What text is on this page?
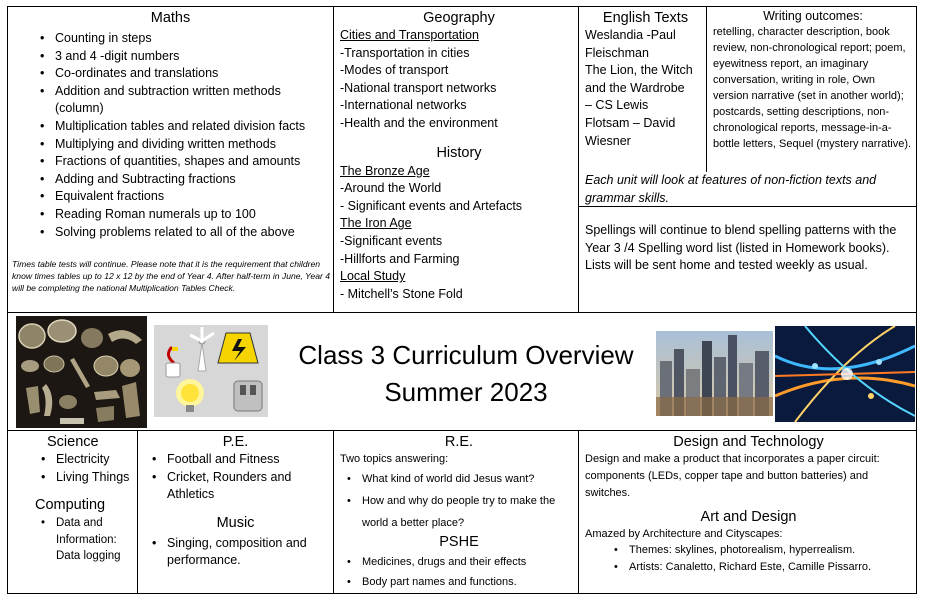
Maths
• Counting in steps
• 3 and 4 -digit numbers
• Co-ordinates and translations
• Addition and subtraction written methods (column)
• Multiplication tables and related division facts
• Multiplying and dividing written methods
• Fractions of quantities, shapes and amounts
• Adding and Subtracting fractions
• Equivalent fractions
• Reading Roman numerals up to 100
• Solving problems related to all of the above
Times table tests will continue. Please note that it is the requirement that children know times tables up to 12 x 12 by the end of Year 4. After half-term in June, Year 4 will be completing the national Multiplication Tables Check.
Geography
Cities and Transportation
-Transportation in cities
-Modes of transport
-National transport networks
-International networks
-Health and the environment
History
The Bronze Age
-Around the World
- Significant events and Artefacts
The Iron Age
-Significant events
-Hillforts and Farming
Local Study
- Mitchell’s Stone Fold
English Texts
Weslandia -Paul
Fleischman
The Lion, the Witch
and the Wardrobe
– CS Lewis
Flotsam – David
Wiesner
Writing outcomes:
retelling, character description, book review, non-chronological report; poem, eyewitness report, an imaginary conversation, writing in role, Own version narrative (set in another world); postcards, setting descriptions, non-chronological reports, message-in-a-bottle letters, Sequel (mystery narrative).
Each unit will look at features of non-fiction texts and grammar skills.
Spellings will continue to blend spelling patterns with the Year 3 /4 Spelling word list (listed in Homework books). Lists will be sent home and tested weekly as usual.
Class 3 Curriculum Overview
Summer 2023
Science
• Electricity
• Living Things
Computing
• Data and Information: Data logging
P.E.
• Football and Fitness
• Cricket, Rounders and Athletics
Music
• Singing, composition and performance.
R.E.
Two topics answering:
• What kind of world did Jesus want?
• How and why do people try to make the world a better place?
PSHE
• Medicines, drugs and their effects
• Body part names and functions.
Design and Technology
Design and make a product that incorporates a paper circuit: components (LEDs, copper tape and button batteries) and switches.
Art and Design
Amazed by Architecture and Cityscapes:
• Themes: skylines, photorealism, hyperrealism.
• Artists: Canaletto, Richard Este, Camille Pissarro.
